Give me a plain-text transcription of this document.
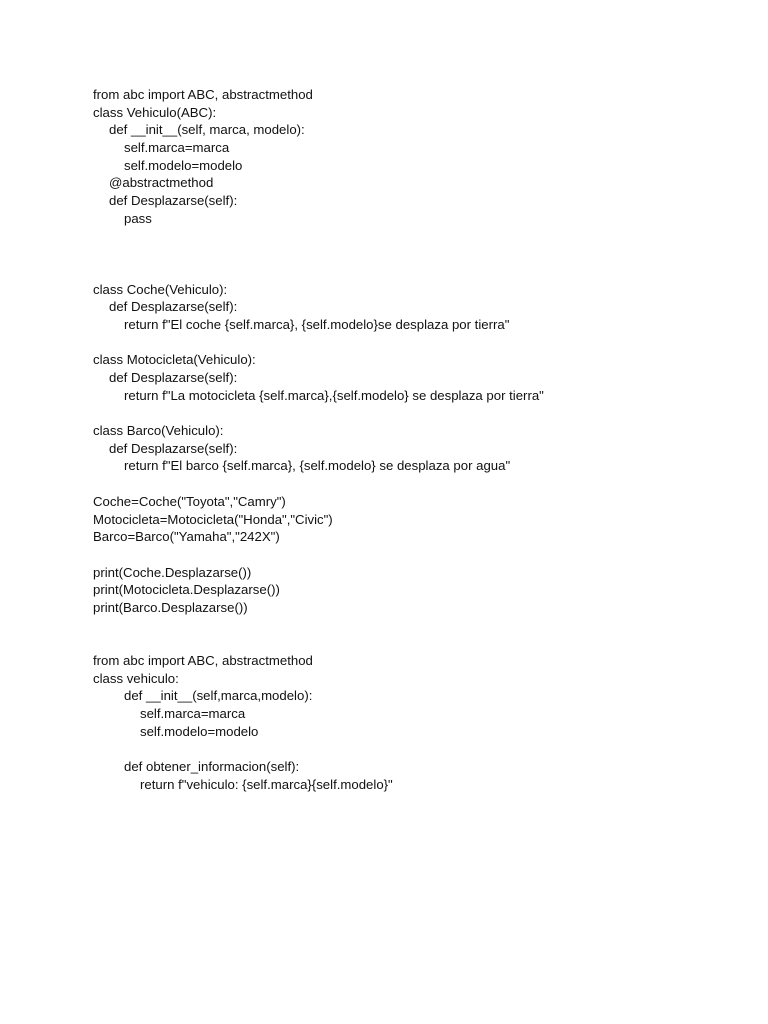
from abc import ABC, abstractmethod
class Vehiculo(ABC):
def __init__(self, marca, modelo):
self.marca=marca
self.modelo=modelo
@abstractmethod
def Desplazarse(self):
pass
class Coche(Vehiculo):
def Desplazarse(self):
return f"El coche {self.marca}, {self.modelo}se desplaza por tierra"
class Motocicleta(Vehiculo):
def Desplazarse(self):
return f"La motocicleta {self.marca},{self.modelo} se desplaza por tierra"
class Barco(Vehiculo):
def Desplazarse(self):
return f"El barco {self.marca}, {self.modelo} se desplaza por agua"
Coche=Coche("Toyota","Camry")
Motocicleta=Motocicleta("Honda","Civic")
Barco=Barco("Yamaha","242X")
print(Coche.Desplazarse())
print(Motocicleta.Desplazarse())
print(Barco.Desplazarse())
from abc import ABC, abstractmethod
class vehiculo:
def __init__(self,marca,modelo):
self.marca=marca
self.modelo=modelo
def obtener_informacion(self):
return f"vehiculo: {self.marca}{self.modelo}"
